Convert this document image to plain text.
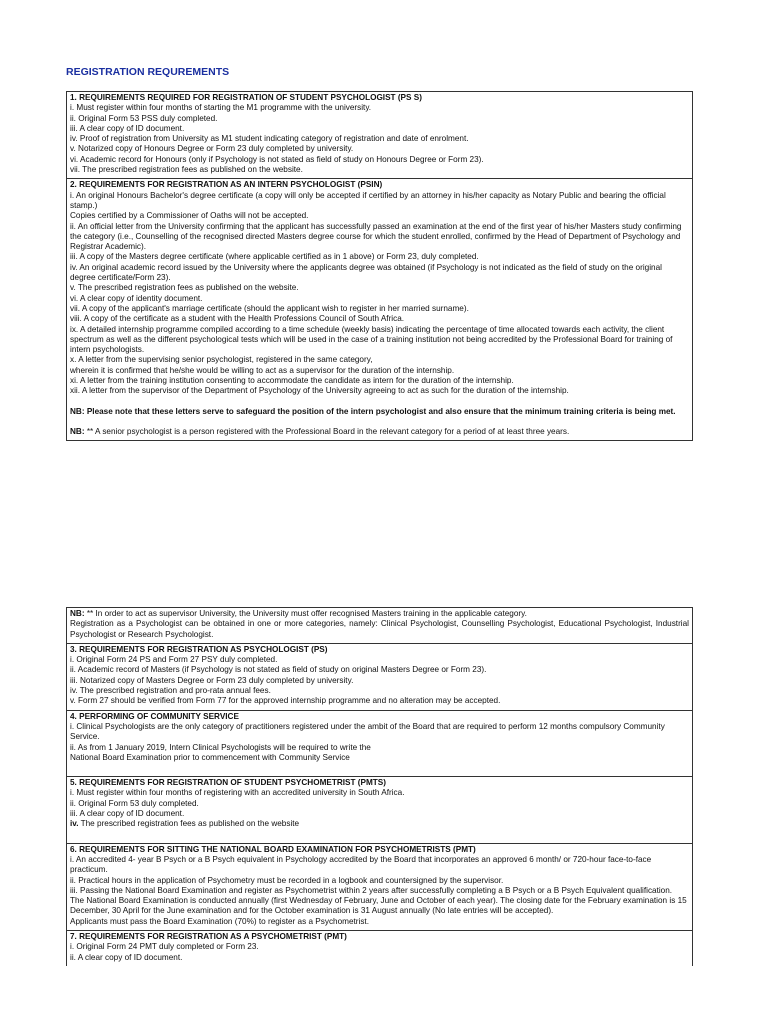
REGISTRATION REQUREMENTS
1. REQUIREMENTS REQUIRED FOR REGISTRATION OF STUDENT PSYCHOLOGIST (PS S)
i. Must register within four months of starting the M1 programme with the university.
ii. Original Form 53 PSS duly completed.
iii. A clear copy of ID document.
iv. Proof of registration from University as M1 student indicating category of registration and date of enrolment.
v. Notarized copy of Honours Degree or Form 23 duly completed by university.
vi. Academic record for Honours (only if Psychology is not stated as field of study on Honours Degree or Form 23).
vii. The prescribed registration fees as published on the website.
2. REQUIREMENTS FOR REGISTRATION AS AN INTERN PSYCHOLOGIST (PSIN)
i. An original Honours Bachelor's degree certificate (a copy will only be accepted if certified by an attorney in his/her capacity as Notary Public and bearing the official stamp.)
Copies certified by a Commissioner of Oaths will not be accepted.
ii. An official letter from the University confirming that the applicant has successfully passed an examination at the end of the first year of his/her Masters study confirming the category (i.e., Counselling of the recognised directed Masters degree course for which the student enrolled, confirmed by the Head of Department of Psychology and Registrar Academic).
iii. A copy of the Masters degree certificate (where applicable certified as in 1 above) or Form 23, duly completed.
iv. An original academic record issued by the University where the applicants degree was obtained (if Psychology is not indicated as the field of study on the original degree certificate/Form 23).
v. The prescribed registration fees as published on the website.
vi. A clear copy of identity document.
vii. A copy of the applicant's marriage certificate (should the applicant wish to register in her married surname).
viii. A copy of the certificate as a student with the Health Professions Council of South Africa.
ix. A detailed internship programme compiled according to a time schedule (weekly basis) indicating the percentage of time allocated towards each activity, the client spectrum as well as the different psychological tests which will be used in the case of a training institution not being accredited by the Professional Board for training of intern psychologists.
x. A letter from the supervising senior psychologist, registered in the same category,
wherein it is confirmed that he/she would be willing to act as a supervisor for the duration of the internship.
xi. A letter from the training institution consenting to accommodate the candidate as intern for the duration of the internship.
xii. A letter from the supervisor of the Department of Psychology of the University agreeing to act as such for the duration of the internship.
NB: Please note that these letters serve to safeguard the position of the intern psychologist and also ensure that the minimum training criteria is being met.
NB: ** A senior psychologist is a person registered with the Professional Board in the relevant category for a period of at least three years.
NB: ** In order to act as supervisor University, the University must offer recognised Masters training in the applicable category.
Registration as a Psychologist can be obtained in one or more categories, namely: Clinical Psychologist, Counselling Psychologist, Educational Psychologist, Industrial Psychologist or Research Psychologist.
3. REQUIREMENTS FOR REGISTRATION AS PSYCHOLOGIST (PS)
i. Original Form 24 PS and Form 27 PSY duly completed.
ii. Academic record of Masters (if Psychology is not stated as field of study on original Masters Degree or Form 23).
iii. Notarized copy of Masters Degree or Form 23 duly completed by university.
iv. The prescribed registration and pro-rata annual fees.
v. Form 27 should be verified from Form 77 for the approved internship programme and no alteration may be accepted.
4. PERFORMING OF COMMUNITY SERVICE
i. Clinical Psychologists are the only category of practitioners registered under the ambit of the Board that are required to perform 12 months compulsory Community Service.
ii. As from 1 January 2019, Intern Clinical Psychologists will be required to write the
National Board Examination prior to commencement with Community Service
5. REQUIREMENTS FOR REGISTRATION OF STUDENT PSYCHOMETRIST (PMTS)
i. Must register within four months of registering with an accredited university in South Africa.
ii. Original Form 53 duly completed.
iii. A clear copy of ID document.
iv. The prescribed registration fees as published on the website
6. REQUIREMENTS FOR SITTING THE NATIONAL BOARD EXAMINATION FOR PSYCHOMETRISTS (PMT)
i. An accredited 4- year B Psych or a B Psych equivalent in Psychology accredited by the Board that incorporates an approved 6 month/ or 720-hour face-to-face practicum.
ii. Practical hours in the application of Psychometry must be recorded in a logbook and countersigned by the supervisor.
iii. Passing the National Board Examination and register as Psychometrist within 2 years after successfully completing a B Psych or a B Psych Equivalent qualification.
The National Board Examination is conducted annually (first Wednesday of February, June and October of each year). The closing date for the February examination is 15 December, 30 April for the June examination and for the October examination is 31 August annually (No late entries will be accepted).
Applicants must pass the Board Examination (70%) to register as a Psychometrist.
7. REQUIREMENTS FOR REGISTRATION AS A PSYCHOMETRIST (PMT)
i. Original Form 24 PMT duly completed or Form 23.
ii. A clear copy of ID document.
